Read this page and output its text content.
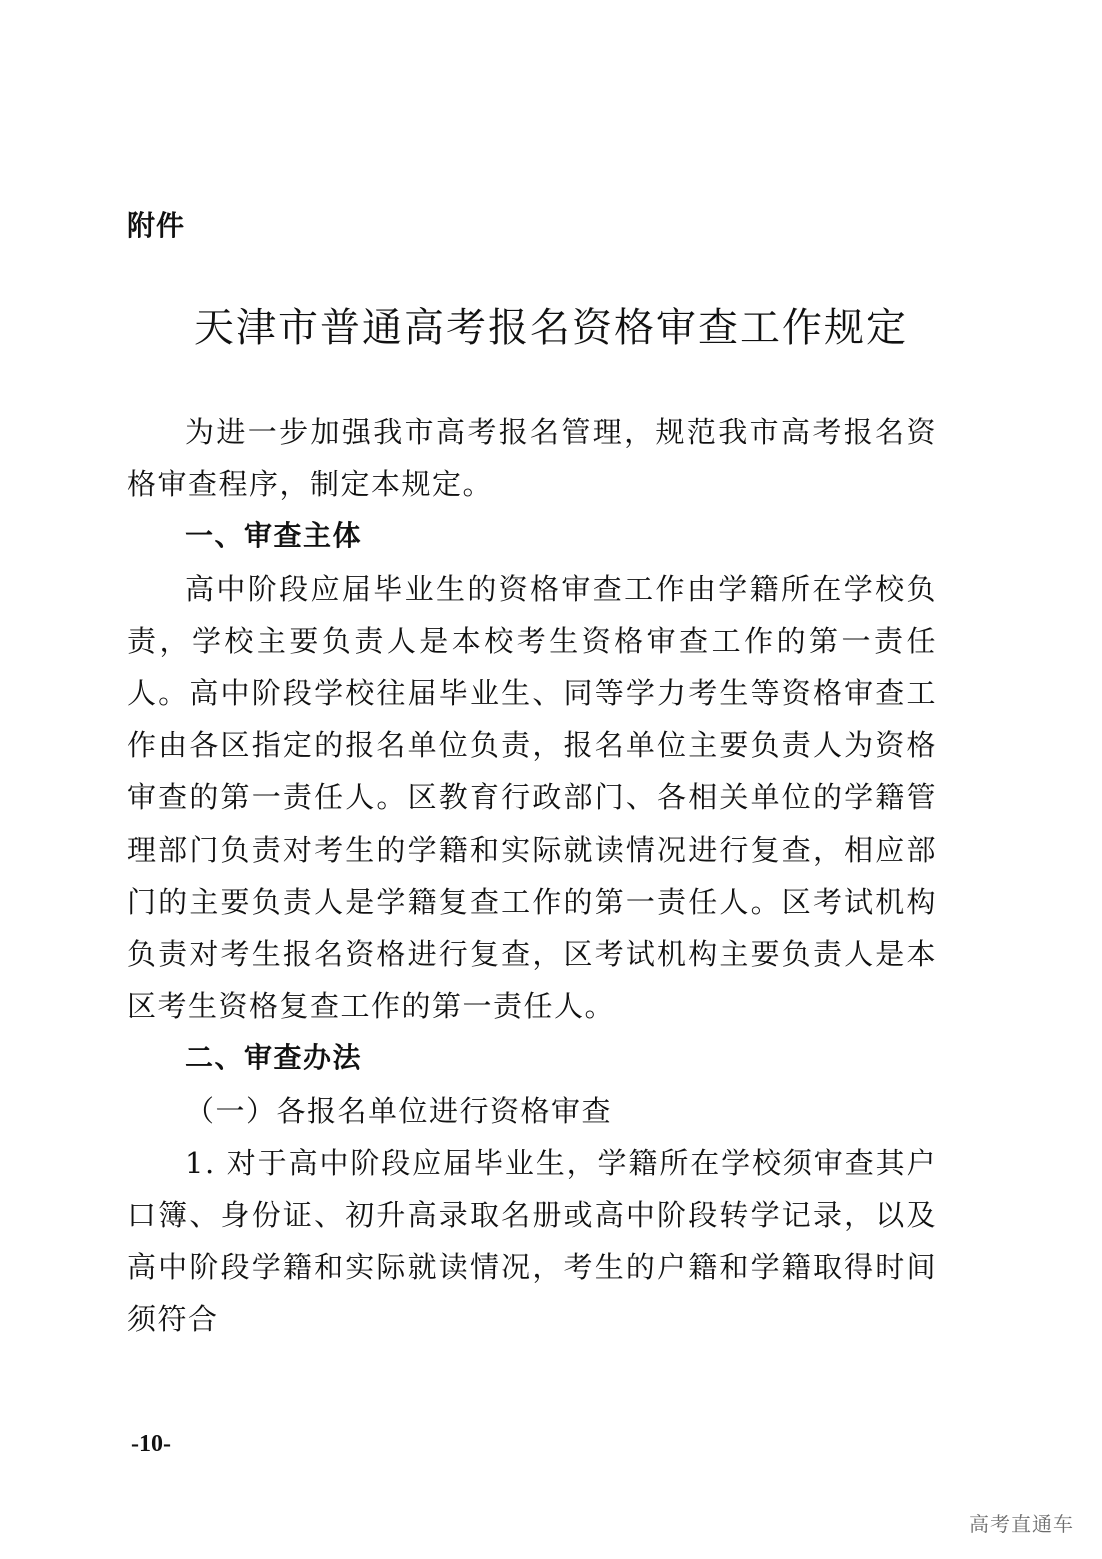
附件
天津市普通高考报名资格审查工作规定

为进一步加强我市高考报名管理，规范我市高考报名资格审查程序，制定本规定。

一、审查主体

高中阶段应届毕业生的资格审查工作由学籍所在学校负责，学校主要负责人是本校考生资格审查工作的第一责任人。高中阶段学校往届毕业生、同等学力考生等资格审查工作由各区指定的报名单位负责，报名单位主要负责人为资格审查的第一责任人。区教育行政部门、各相关单位的学籍管理部门负责对考生的学籍和实际就读情况进行复查，相应部门的主要负责人是学籍复查工作的第一责任人。区考试机构负责对考生报名资格进行复查，区考试机构主要负责人是本区考生资格复查工作的第一责任人。

二、审查办法

（一）各报名单位进行资格审查

1. 对于高中阶段应届毕业生，学籍所在学校须审查其户口簿、身份证、初升高录取名册或高中阶段转学记录，以及高中阶段学籍和实际就读情况，考生的户籍和学籍取得时间须符合

-10-
高考直通车
